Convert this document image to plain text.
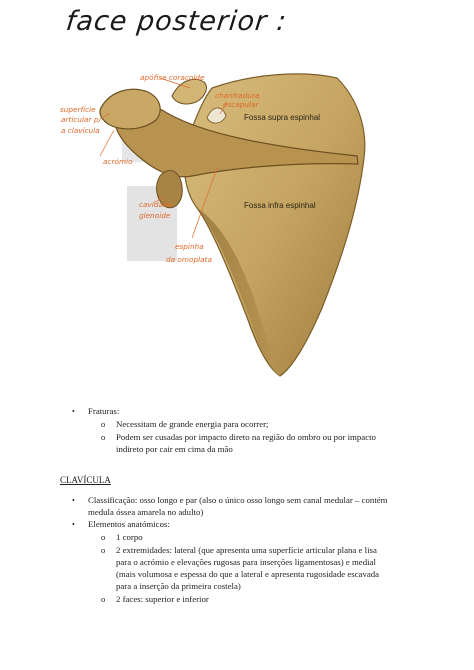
face posterior :
apófise coracoide
superfície
articular p/
a clavícula
acrómio
chanfradura
escapular
cavidade
glenoide
espinha
da omoplata
Fossa supra espinhal
Fossa infra espinhal
• Fraturas:
o Necessitam de grande energia para ocorrer;
o Podem ser cusadas por impacto direto na região do ombro ou por impacto
indireto por cair em cima da mão
CLAVÍCULA
• Classificação: osso longo e par (also o único osso longo sem canal medular – contém
medula óssea amarela no adulto)
• Elementos anatómicos:
o 1 corpo
o 2 extremidades: lateral (que apresenta uma superfície articular plana e lisa
para o acrómio e elevações rugosas para inserções ligamentosas) e medial
(mais volumosa e espessa do que a lateral e apresenta rugosidade escavada
para a inserção da primeira costela)
o 2 faces: superior e inferior
